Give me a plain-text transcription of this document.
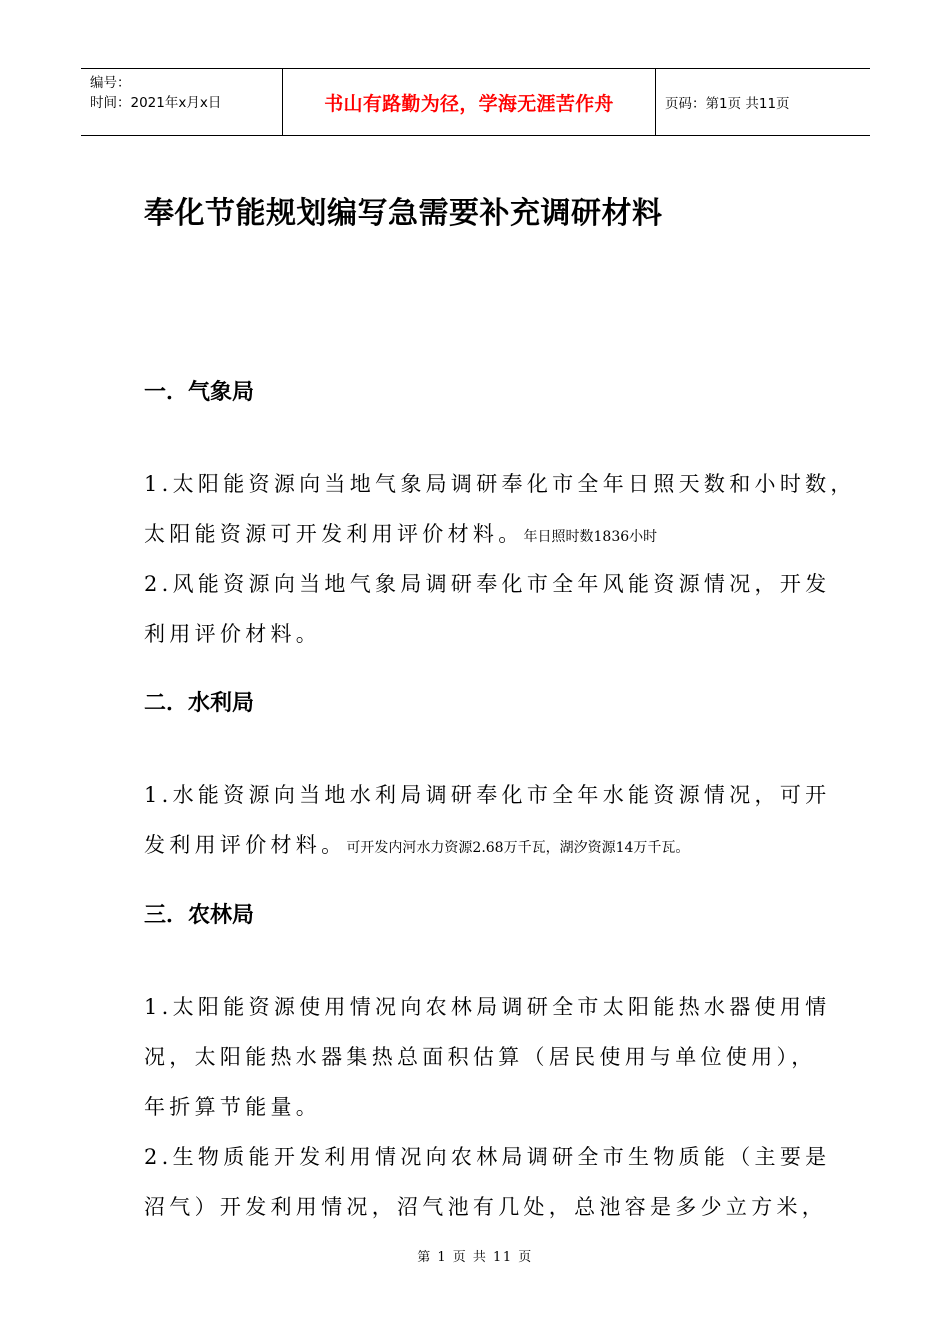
编号：
时间：2021年x月x日	书山有路勤为径，学海无涯苦作舟	页码：第1页 共11页
奉化节能规划编写急需要补充调研材料
一．气象局
1.太阳能资源向当地气象局调研奉化市全年日照天数和小时数，
太阳能资源可开发利用评价材料。年日照时数1836小时
2.风能资源向当地气象局调研奉化市全年风能资源情况，开发
利用评价材料。
二．水利局
1.水能资源向当地水利局调研奉化市全年水能资源情况，可开
发利用评价材料。可开发内河水力资源2.68万千瓦，湖汐资源14万千瓦。
三．农林局
1.太阳能资源使用情况向农林局调研全市太阳能热水器使用情
况，太阳能热水器集热总面积估算（居民使用与单位使用），
年折算节能量。
2.生物质能开发利用情况向农林局调研全市生物质能（主要是
沼气）开发利用情况，沼气池有几处，总池容是多少立方米，
第 1 页 共 11 页
